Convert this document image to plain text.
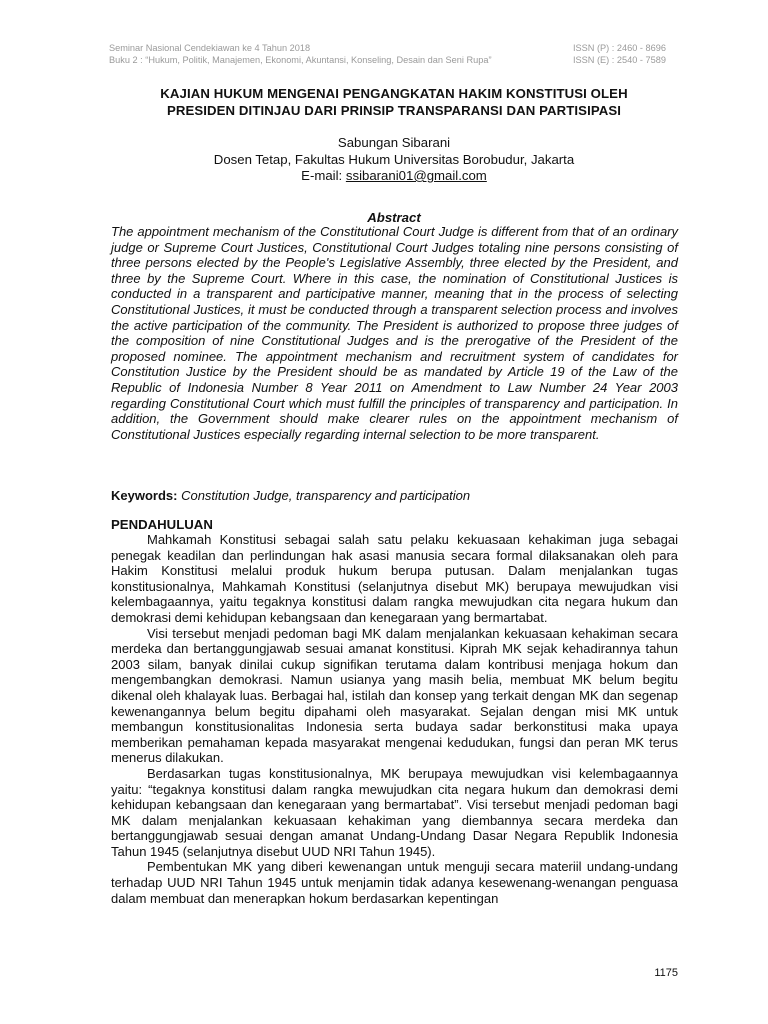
Seminar Nasional Cendekiawan ke 4 Tahun 2018	ISSN (P) : 2460 - 8696
Buku 2 : “Hukum, Politik, Manajemen, Ekonomi, Akuntansi, Konseling, Desain dan Seni Rupa”	ISSN (E) : 2540 - 7589
KAJIAN HUKUM MENGENAI PENGANGKATAN HAKIM KONSTITUSI OLEH
PRESIDEN DITINJAU DARI PRINSIP TRANSPARANSI DAN PARTISIPASI
Sabungan Sibarani
Dosen Tetap, Fakultas Hukum Universitas Borobudur, Jakarta
E-mail: ssibarani01@gmail.com
Abstract

The appointment mechanism of the Constitutional Court Judge is different from that of an ordinary judge or Supreme Court Justices, Constitutional Court Judges totaling nine persons consisting of three persons elected by the People's Legislative Assembly, three elected by the President, and three by the Supreme Court. Where in this case, the nomination of Constitutional Justices is conducted in a transparent and participative manner, meaning that in the process of selecting Constitutional Justices, it must be conducted through a transparent selection process and involves the active participation of the community. The President is authorized to propose three judges of the composition of nine Constitutional Judges and is the prerogative of the President of the proposed nominee. The appointment mechanism and recruitment system of candidates for Constitution Justice by the President should be as mandated by Article 19 of the Law of the Republic of Indonesia Number 8 Year 2011 on Amendment to Law Number 24 Year 2003 regarding Constitutional Court which must fulfill the principles of transparency and participation. In addition, the Government should make clearer rules on the appointment mechanism of Constitutional Justices especially regarding internal selection to be more transparent.

Keywords: Constitution Judge, transparency and participation
PENDAHULUAN

Mahkamah Konstitusi sebagai salah satu pelaku kekuasaan kehakiman juga sebagai penegak keadilan dan perlindungan hak asasi manusia secara formal dilaksanakan oleh para Hakim Konstitusi melalui produk hukum berupa putusan. Dalam menjalankan tugas konstitusionalnya, Mahkamah Konstitusi (selanjutnya disebut MK) berupaya mewujudkan visi kelembagaannya, yaitu tegaknya konstitusi dalam rangka mewujudkan cita negara hukum dan demokrasi demi kehidupan kebangsaan dan kenegaraan yang bermartabat.

Visi tersebut menjadi pedoman bagi MK dalam menjalankan kekuasaan kehakiman secara merdeka dan bertanggungjawab sesuai amanat konstitusi. Kiprah MK sejak kehadirannya tahun 2003 silam, banyak dinilai cukup signifikan terutama dalam kontribusi menjaga hokum dan mengembangkan demokrasi. Namun usianya yang masih belia, membuat MK belum begitu dikenal oleh khalayak luas. Berbagai hal, istilah dan konsep yang terkait dengan MK dan segenap kewenangannya belum begitu dipahami oleh masyarakat. Sejalan dengan misi MK untuk membangun konstitusionalitas Indonesia serta budaya sadar berkonstitusi maka upaya memberikan pemahaman kepada masyarakat mengenai kedudukan, fungsi dan peran MK terus menerus dilakukan.

Berdasarkan tugas konstitusionalnya, MK berupaya mewujudkan visi kelembagaannya yaitu: “tegaknya konstitusi dalam rangka mewujudkan cita negara hukum dan demokrasi demi kehidupan kebangsaan dan kenegaraan yang bermartabat”. Visi tersebut menjadi pedoman bagi MK dalam menjalankan kekuasaan kehakiman yang diembannya secara merdeka dan bertanggungjawab sesuai dengan amanat Undang-Undang Dasar Negara Republik Indonesia Tahun 1945 (selanjutnya disebut UUD NRI Tahun 1945).

Pembentukan MK yang diberi kewenangan untuk menguji secara materiil undang-undang terhadap UUD NRI Tahun 1945 untuk menjamin tidak adanya kesewenang-wenangan penguasa dalam membuat dan menerapkan hokum berdasarkan kepentingan

1175
